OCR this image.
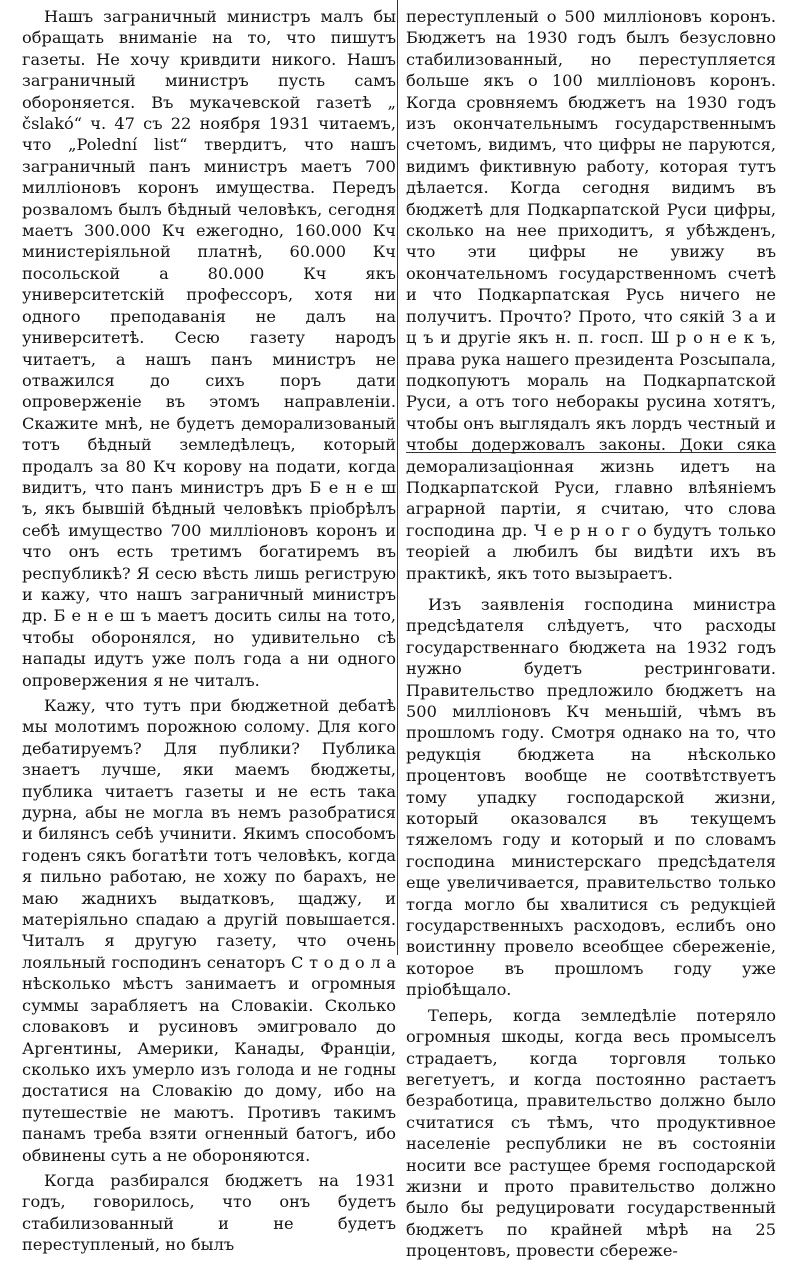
Нашъ заграничный министръ малъ бы обращать вниманіе на то, что пишутъ газеты. Не хочу кривдити никого. Нашъ заграничный министръ пусть самъ обороняется. Въ мукачевской газетѣ „ čslakó“ ч. 47 съ 22 ноября 1931 читаемъ, что „Polední list“ твердитъ, что нашъ заграничный панъ министръ маетъ 700 милліоновъ коронъ имущества. Передъ розваломъ былъ бѣдный человѣкъ, сегодня маетъ 300.000 Кч ежегодно, 160.000 Кч министеріяльной платнѣ, 60.000 Кч посольской а 80.000 Кч якъ университетскій професcоръ, хотя ни одного преподаванія не далъ на университетѣ. Сесю газету народъ читаетъ, а нашъ панъ министръ не отважился до сихъ поръ дати опроверженіе въ этомъ направленіи. Скажите мнѣ, не будетъ деморализованый тотъ бѣдный земледѣлецъ, который продалъ за 80 Кч корову на подати, когда видитъ, что панъ министръ дръ Б е н е ш ъ, якъ бывшій бѣдный человѣкъ пріобрѣлъ себѣ имущество 700 милліоновъ коронъ и что онъ есть третимъ богатиремъ въ республикѣ? Я сесю вѣсть лишь региструю и кажу, что нашъ заграничный министръ др. Б е н е ш ъ маетъ досить силы на тото, чтобы оборонялся, но удивительно сѣ напады идутъ уже полъ года а ни одного опровержения я не читалъ.

Кажу, что тутъ при бюджетной дебатѣ мы молотимъ порожною солому. Для кого дебатируемъ? Для публики? Публика знаетъ лучше, яки маемъ бюджеты, публика читаетъ газеты и не есть така дурна, абы не могла въ немъ разобратися и билянсъ себѣ учинити. Якимъ способомъ годенъ сякъ богатѣти тотъ человѣкъ, когда я пильно работаю, не хожу по барахъ, не маю жаднихъ выдатковъ, щаджу, и матеріяльно спадаю а другій повышается. Читалъ я другую газету, что очень лояльный господинъ сенаторъ С т о д о л а нѣсколько мѣстъ занимаетъ и огромныя суммы зарабляетъ на Словакіи. Сколько словаковъ и русиновъ эмигровало до Аргентины, Америки, Канады, Францiи, сколько ихъ умерло изъ голода и не годны достатися на Словакію до дому, ибо на путешествіе не маютъ. Противъ такимъ панамъ треба взяти огненный батогъ, ибо обвинены суть а не обороняются.

Когда разбирался бюджетъ на 1931 годъ, говорилось, что онъ будетъ стабилизованный и не будетъ переступленый, но былъ

переступленый о 500 милліоновъ коронъ. Бюджетъ на 1930 годъ былъ безусловно стабилизованный, но переступляется больше якъ о 100 милліоновъ коронъ. Когда сровняемъ бюджетъ на 1930 годъ изъ окончательнымъ государственнымъ счетомъ, видимъ, что цифры не паруются, видимъ фиктивную работу, которая тутъ дѣлается. Когда сегодня видимъ въ бюджетѣ для Подкарпатской Руси цифры, сколько на нее приходитъ, я убѣжденъ, что эти цифры не увижу въ окончательномъ государственномъ счетѣ и что Подкарпатская Русь ничего не получитъ. Прочто? Прото, что сякій З а и ц ъ и другіе якъ н. п. госп. Ш р о н е к ъ, права рука нашего президента Розсыпала, подкопуютъ мораль на Подкарпатской Руси, а отъ того неборакы русина хотятъ, чтобы онъ выглядалъ якъ лордъ честный и чтобы додержовалъ законы. Доки сяка деморализаціонная жизнь идетъ на Подкарпатской Руси, главно влѣяніемъ аграрной партіи, я считаю, что слова господина др. Ч е р н о г о будутъ только теоріей а любилъ бы видѣти ихъ въ практикѣ, якъ тото вызыраетъ.

Изъ заявленія господина министра предсѣдателя слѣдуетъ, что расходы государственнаго бюджета на 1932 годъ нужно будетъ рестринговати. Правительство предложило бюджетъ на 500 милліоновъ Кч меньшій, чѣмъ въ прошломъ году. Смотря однако на то, что редукція бюджета на нѣсколько процентовъ вообще не соотвѣтствуетъ тому упадку господарской жизни, который оказовался въ текущемъ тяжеломъ году и который и по словамъ господина министерскаго предсѣдателя еще увеличивается, правительство только тогда могло бы хвалитися съ редукціей государственныхъ расходовъ, еслибъ оно воистинну провело всеобщее сбереженіе, которое въ прошломъ году уже пріобѣщало.

Теперь, когда земледѣліе потеряло огромныя шкоды, когда весь промыселъ страдаетъ, когда торговля только вегетуетъ, и когда постоянно растаетъ безработица, правительство должно было считатися съ тѣмъ, что продуктивное населеніе республики не въ состояніи носити все растущее бремя господарской жизни и прото правительство должно было бы редуцировати государственный бюджетъ по крайней мѣрѣ на 25 процентовъ, провести сбереже-
